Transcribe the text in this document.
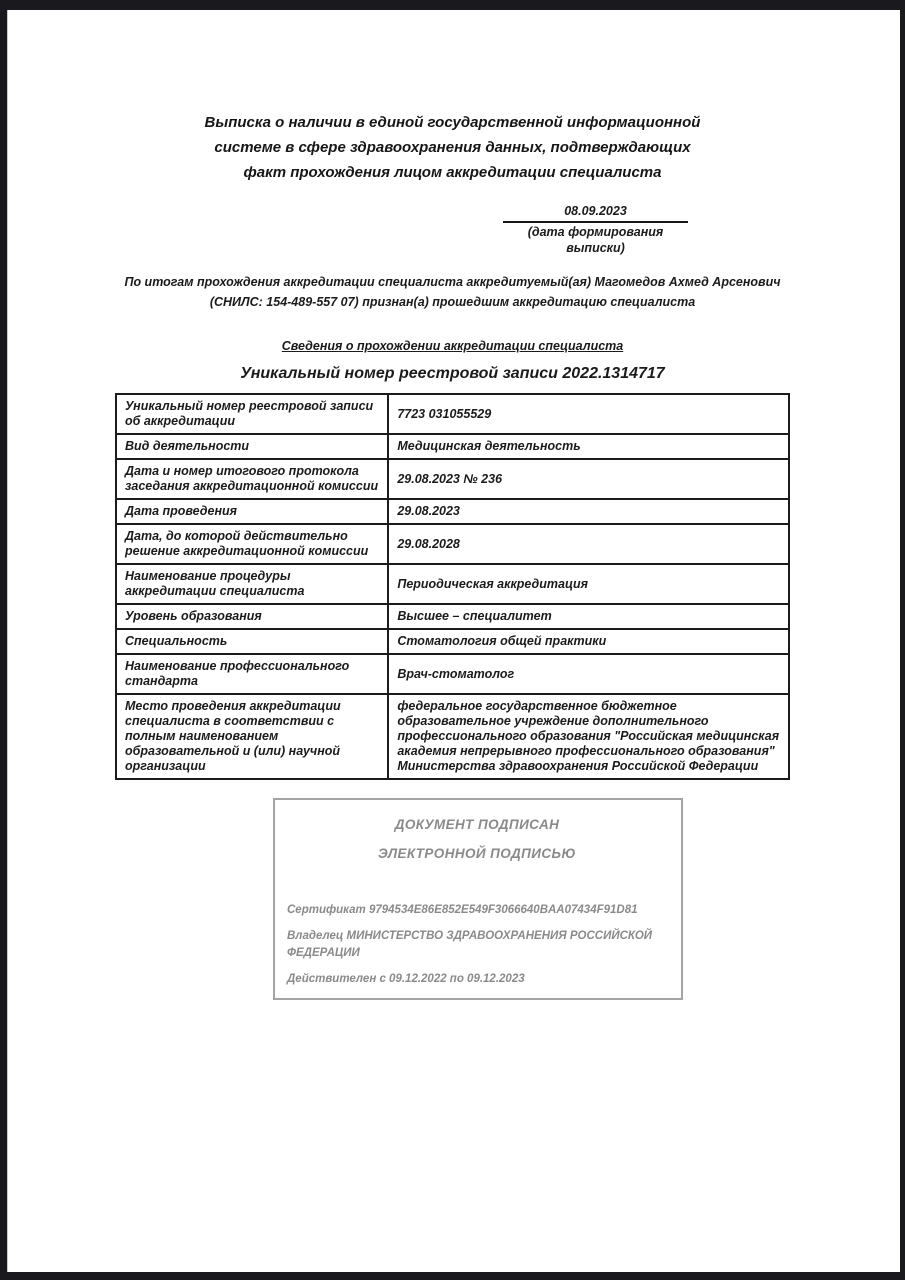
Выписка о наличии в единой государственной информационной системе в сфере здравоохранения данных, подтверждающих факт прохождения лицом аккредитации специалиста
08.09.2023
(дата формирования выписки)
По итогам прохождения аккредитации специалиста аккредитуемый(ая) Магомедов Ахмед Арсенович (СНИЛС: 154-489-557 07) признан(а) прошедшим аккредитацию специалиста
Сведения о прохождении аккредитации специалиста
Уникальный номер реестровой записи 2022.1314717
Уникальный номер реестровой записи об аккредитации	7723 031055529
Вид деятельности	Медицинская деятельность
Дата и номер итогового протокола заседания аккредитационной комиссии	29.08.2023 № 236
Дата проведения	29.08.2023
Дата, до которой действительно решение аккредитационной комиссии	29.08.2028
Наименование процедуры аккредитации специалиста	Периодическая аккредитация
Уровень образования	Высшее – специалитет
Специальность	Стоматология общей практики
Наименование профессионального стандарта	Врач-стоматолог
Место проведения аккредитации специалиста в соответствии с полным наименованием образовательной и (или) научной организации	федеральное государственное бюджетное образовательное учреждение дополнительного профессионального образования "Российская медицинская академия непрерывного профессионального образования" Министерства здравоохранения Российской Федерации
ДОКУМЕНТ ПОДПИСАН
ЭЛЕКТРОННОЙ ПОДПИСЬЮ
Сертификат 9794534E86E852E549F3066640BAA07434F91D81
Владелец МИНИСТЕРСТВО ЗДРАВООХРАНЕНИЯ РОССИЙСКОЙ ФЕДЕРАЦИИ
Действителен с 09.12.2022 по 09.12.2023
